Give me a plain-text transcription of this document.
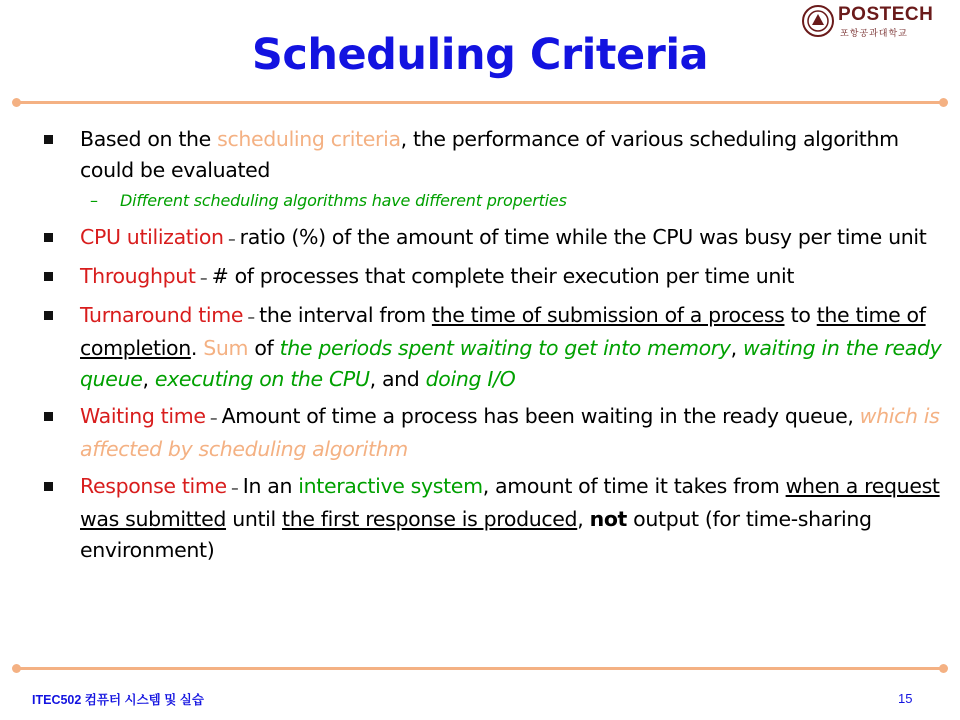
POSTECH
포항공과대학교
Scheduling Criteria
Based on the scheduling criteria, the performance of various scheduling algorithm could be evaluated
– Different scheduling algorithms have different properties
CPU utilization – ratio (%) of the amount of time while the CPU was busy per time unit
Throughput – # of processes that complete their execution per time unit
Turnaround time – the interval from the time of submission of a process to the time of completion. Sum of the periods spent waiting to get into memory, waiting in the ready queue, executing on the CPU, and doing I/O
Waiting time – Amount of time a process has been waiting in the ready queue, which is affected by scheduling algorithm
Response time – In an interactive system, amount of time it takes from when a request was submitted until the first response is produced, not output (for time-sharing environment)
ITEC502 컴퓨터 시스템 및 실습	15
